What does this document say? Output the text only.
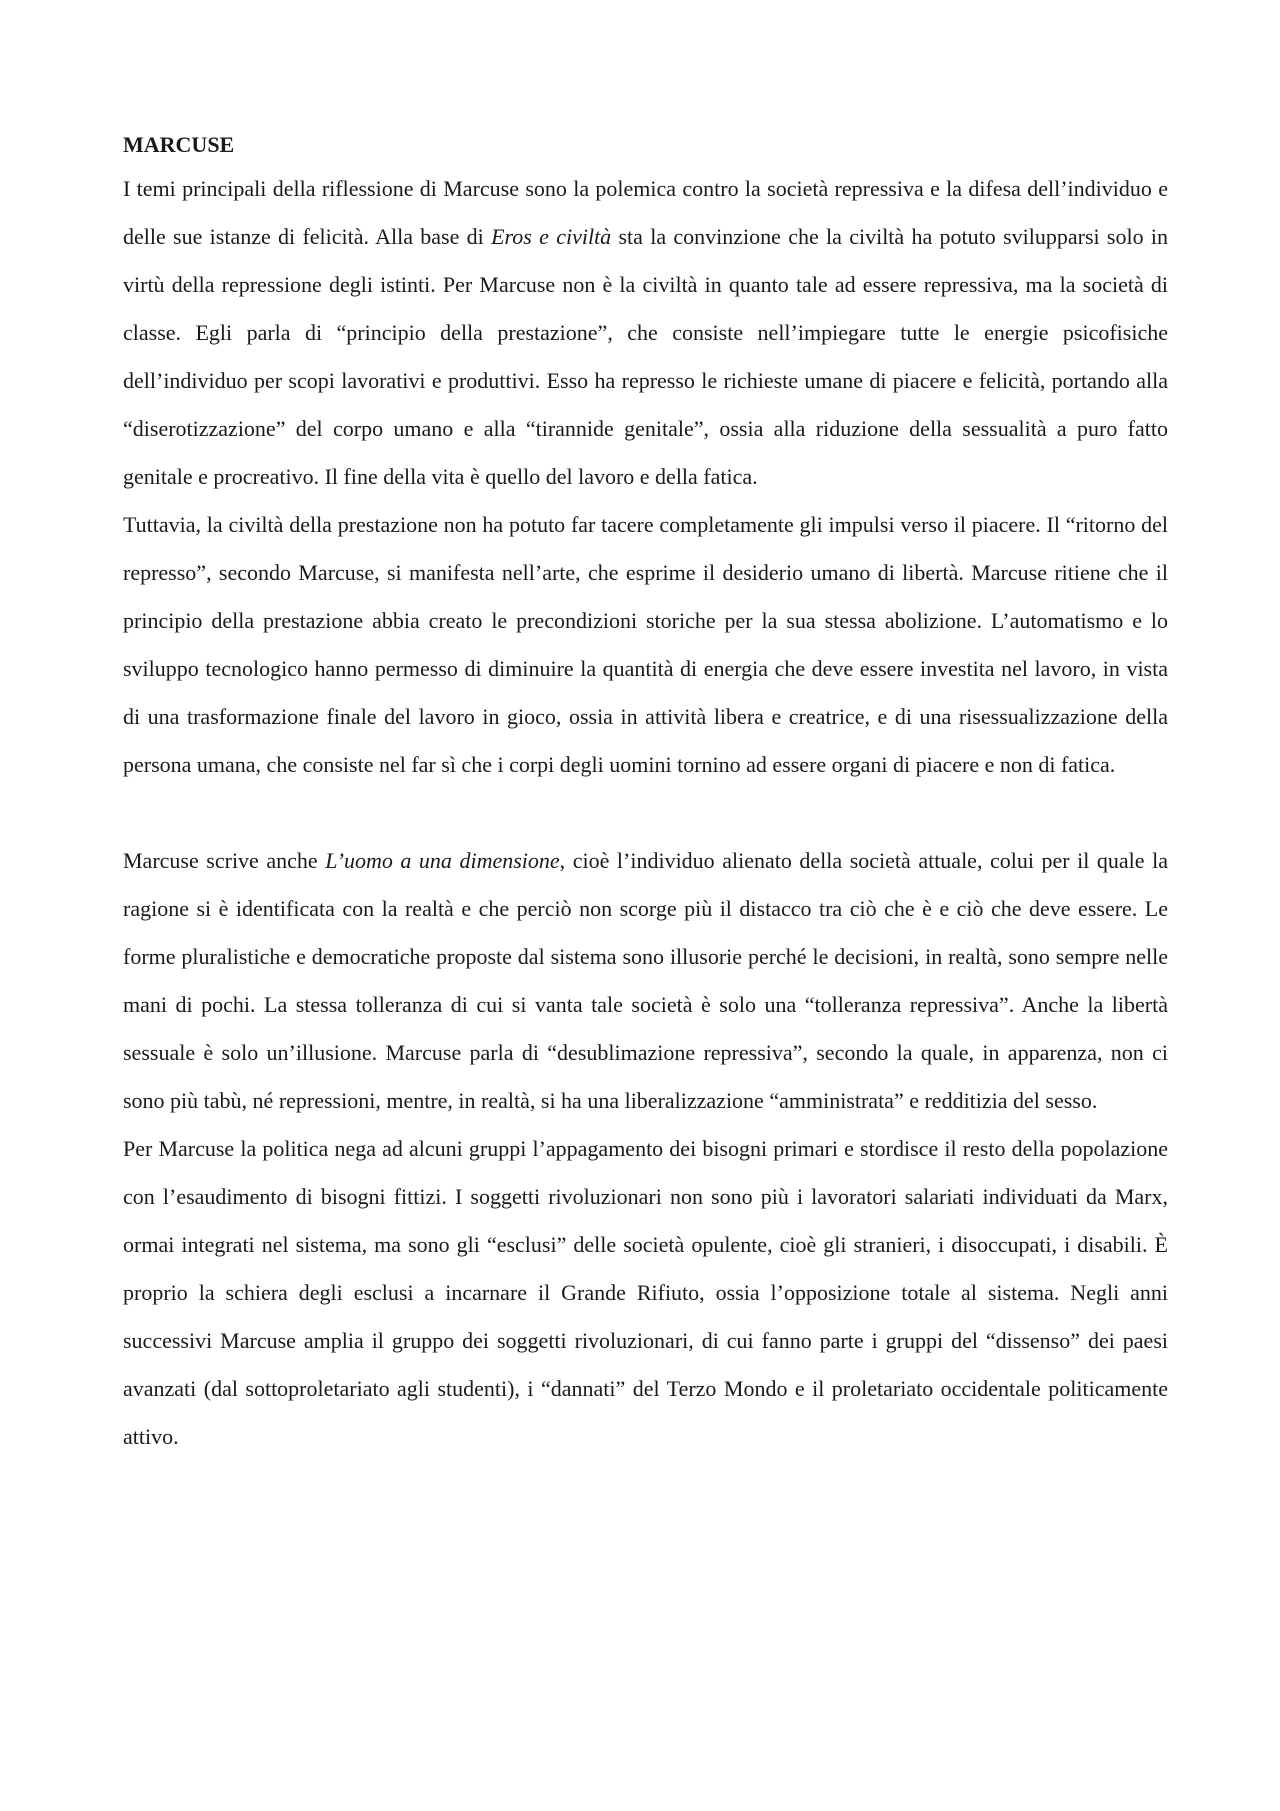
MARCUSE

I temi principali della riflessione di Marcuse sono la polemica contro la società repressiva e la difesa dell’individuo e delle sue istanze di felicità. Alla base di Eros e civiltà sta la convinzione che la civiltà ha potuto svilupparsi solo in virtù della repressione degli istinti. Per Marcuse non è la civiltà in quanto tale ad essere repressiva, ma la società di classe. Egli parla di “principio della prestazione”, che consiste nell’impiegare tutte le energie psicofisiche dell’individuo per scopi lavorativi e produttivi. Esso ha represso le richieste umane di piacere e felicità, portando alla “diserotizzazione” del corpo umano e alla “tirannide genitale”, ossia alla riduzione della sessualità a puro fatto genitale e procreativo. Il fine della vita è quello del lavoro e della fatica.

Tuttavia, la civiltà della prestazione non ha potuto far tacere completamente gli impulsi verso il piacere. Il “ritorno del represso”, secondo Marcuse, si manifesta nell’arte, che esprime il desiderio umano di libertà. Marcuse ritiene che il principio della prestazione abbia creato le precondizioni storiche per la sua stessa abolizione. L’automatismo e lo sviluppo tecnologico hanno permesso di diminuire la quantità di energia che deve essere investita nel lavoro, in vista di una trasformazione finale del lavoro in gioco, ossia in attività libera e creatrice, e di una risessualizzazione della persona umana, che consiste nel far sì che i corpi degli uomini tornino ad essere organi di piacere e non di fatica.

Marcuse scrive anche L’uomo a una dimensione, cioè l’individuo alienato della società attuale, colui per il quale la ragione si è identificata con la realtà e che perciò non scorge più il distacco tra ciò che è e ciò che deve essere. Le forme pluralistiche e democratiche proposte dal sistema sono illusorie perché le decisioni, in realtà, sono sempre nelle mani di pochi. La stessa tolleranza di cui si vanta tale società è solo una “tolleranza repressiva”. Anche la libertà sessuale è solo un’illusione. Marcuse parla di “desublimazione repressiva”, secondo la quale, in apparenza, non ci sono più tabù, né repressioni, mentre, in realtà, si ha una liberalizzazione “amministrata” e redditizia del sesso.

Per Marcuse la politica nega ad alcuni gruppi l’appagamento dei bisogni primari e stordisce il resto della popolazione con l’esaudimento di bisogni fittizi. I soggetti rivoluzionari non sono più i lavoratori salariati individuati da Marx, ormai integrati nel sistema, ma sono gli “esclusi” delle società opulente, cioè gli stranieri, i disoccupati, i disabili. È proprio la schiera degli esclusi a incarnare il Grande Rifiuto, ossia l’opposizione totale al sistema. Negli anni successivi Marcuse amplia il gruppo dei soggetti rivoluzionari, di cui fanno parte i gruppi del “dissenso” dei paesi avanzati (dal sottoproletariato agli studenti), i “dannati” del Terzo Mondo e il proletariato occidentale politicamente attivo.
